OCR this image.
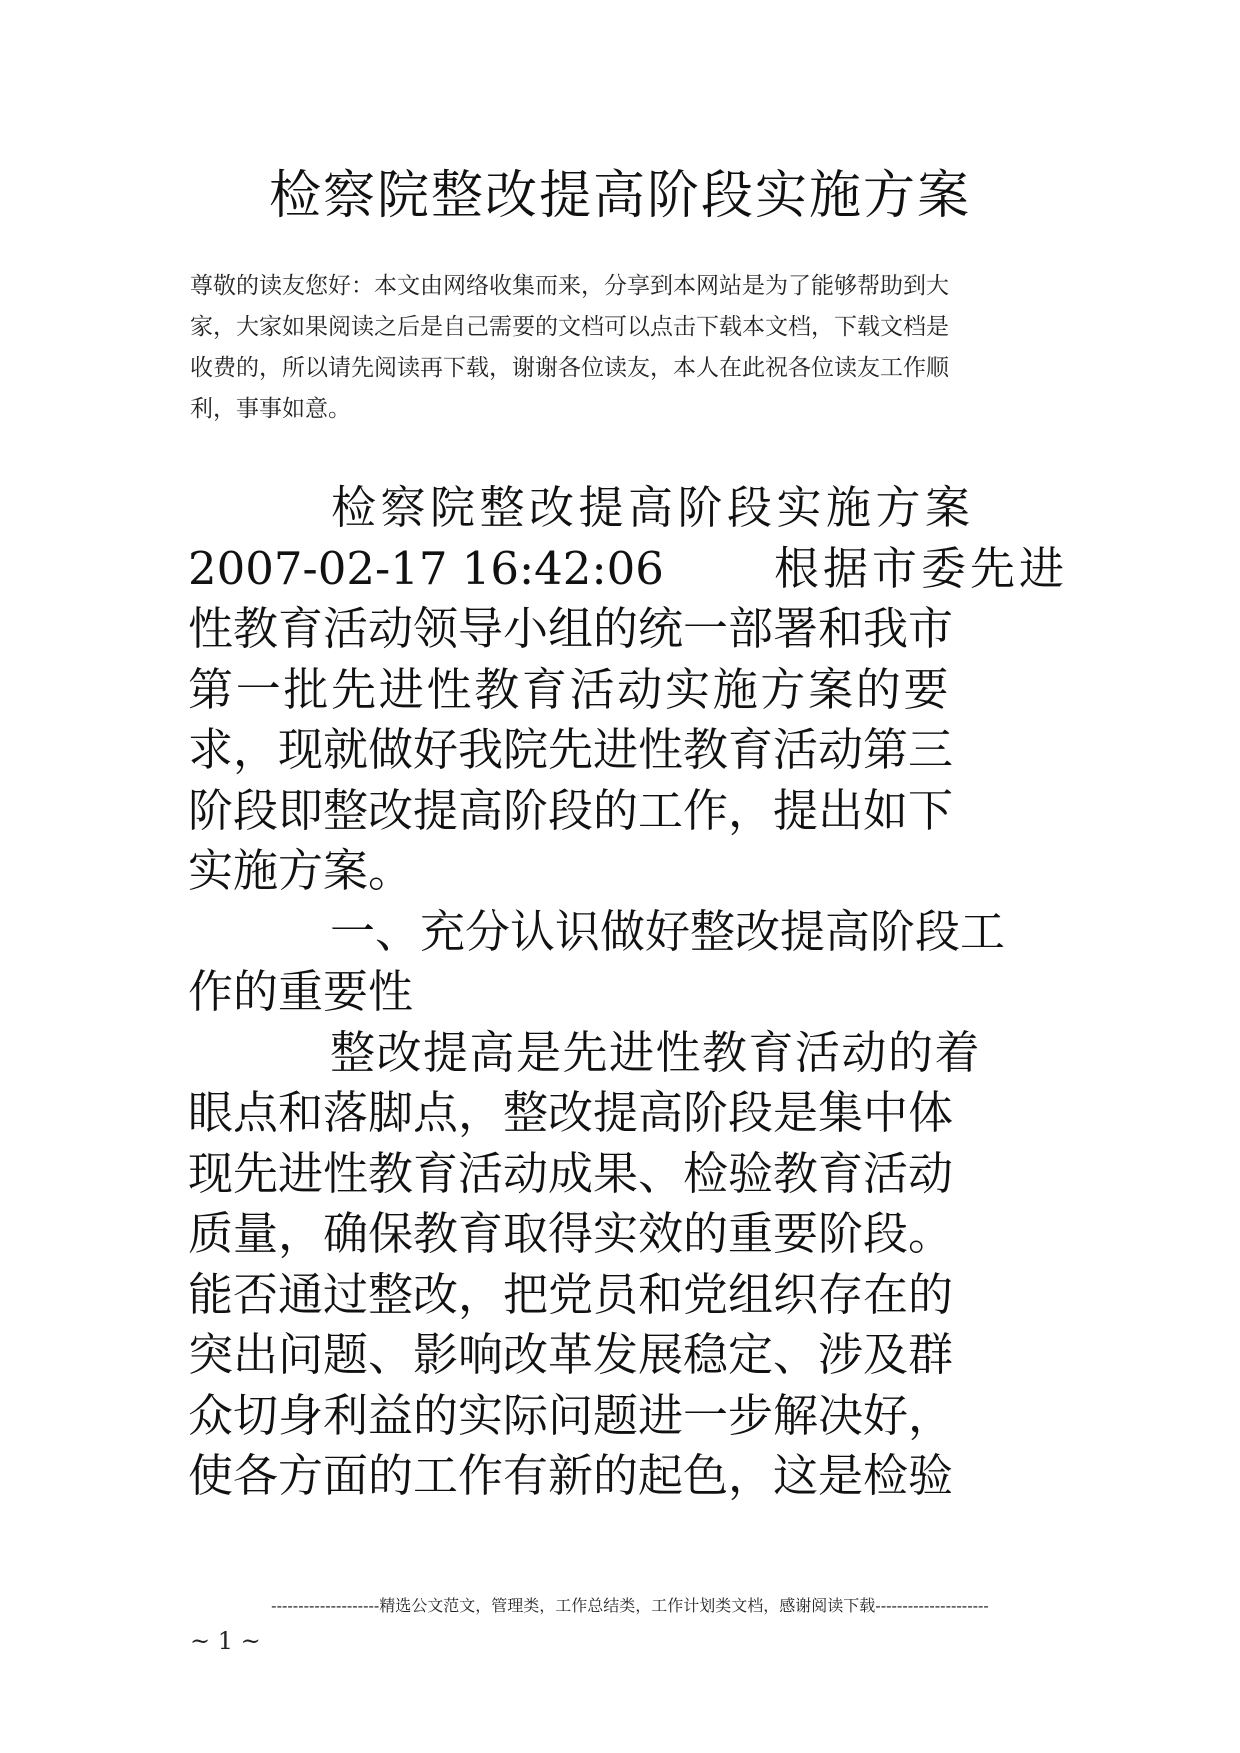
检察院整改提高阶段实施方案
尊敬的读友您好：本文由网络收集而来，分享到本网站是为了能够帮助到大
家，大家如果阅读之后是自己需要的文档可以点击下载本文档，下载文档是
收费的，所以请先阅读再下载，谢谢各位读友，本人在此祝各位读友工作顺
利，事事如意。
检察院整改提高阶段实施方案
2007-02-17 16:42:06 根据市委先进
性教育活动领导小组的统一部署和我市
第一批先进性教育活动实施方案的要
求，现就做好我院先进性教育活动第三
阶段即整改提高阶段的工作，提出如下
实施方案。
一、充分认识做好整改提高阶段工
作的重要性
整改提高是先进性教育活动的着
眼点和落脚点，整改提高阶段是集中体
现先进性教育活动成果、检验教育活动
质量，确保教育取得实效的重要阶段。
能否通过整改，把党员和党组织存在的
突出问题、影响改革发展稳定、涉及群
众切身利益的实际问题进一步解决好，
使各方面的工作有新的起色，这是检验
--------------------精选公文范文，管理类，工作总结类，工作计划类文档，感谢阅读下载---------------------
~ 1 ~
